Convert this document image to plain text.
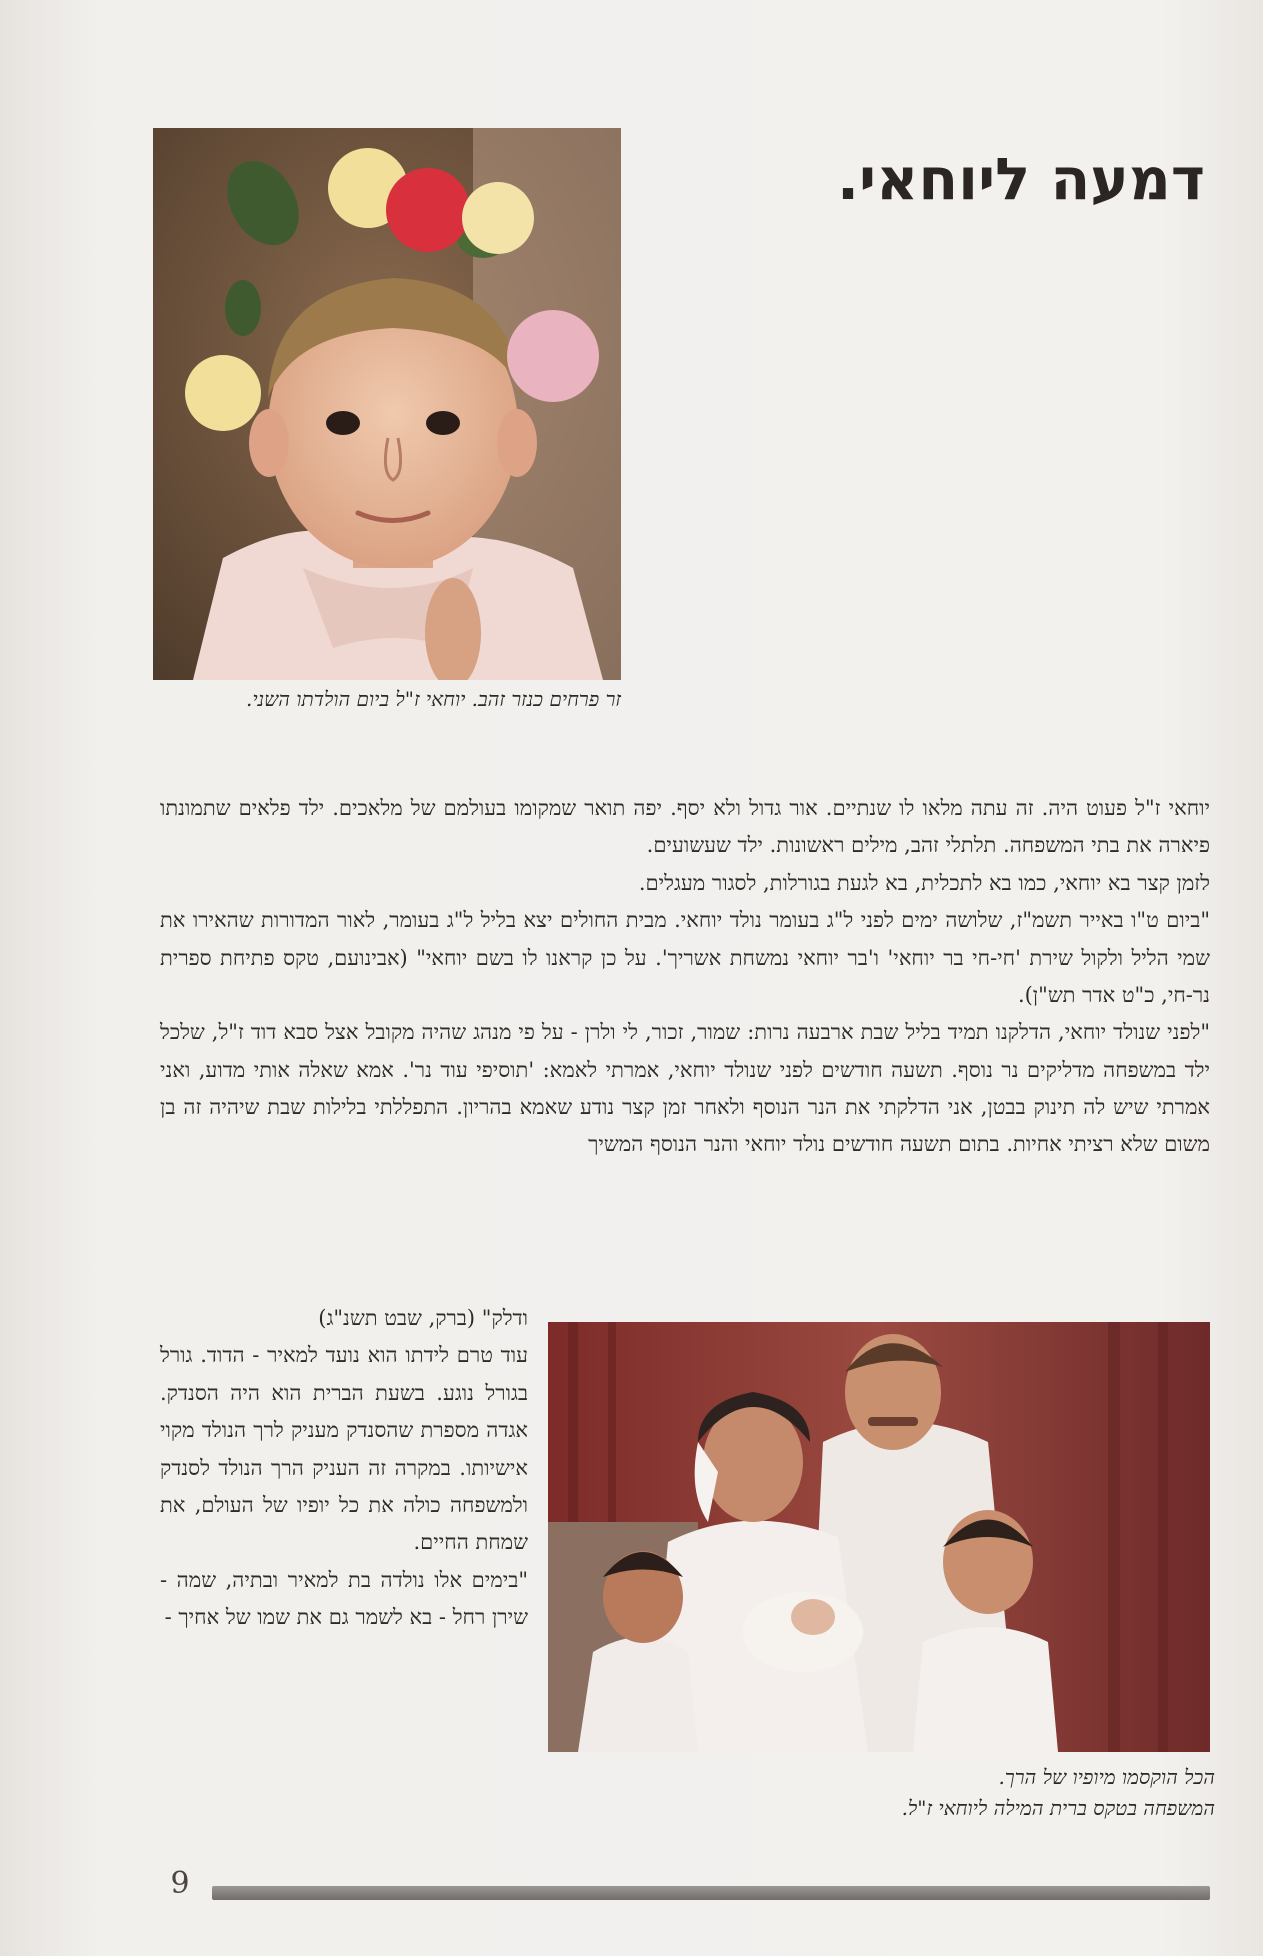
דמעה ליוחאי.
זר פרחים כנזר זהב. יוחאי ז"ל ביום הולדתו השני.

יוחאי ז"ל פעוט היה. זה עתה מלאו לו שנתיים. אור גדול ולא יסף. יפה תואר שמקומו בעולמם של מלאכים. ילד פלאים שתמונתו פיארה את בתי המשפחה. תלתלי זהב, מילים ראשונות. ילד שעשועים.

לזמן קצר בא יוחאי, כמו בא לתכלית, בא לגעת בגורלות, לסגור מעגלים.

"ביום ט"ו באייר תשמ"ז, שלושה ימים לפני ל"ג בעומר נולד יוחאי. מבית החולים יצא בליל ל"ג בעומר, לאור המדורות שהאירו את שמי הליל ולקול שירת 'חי-חי בר יוחאי' ו'בר יוחאי נמשחת אשריך'. על כן קראנו לו בשם יוחאי" (אבינועם, טקס פתיחת ספרית נר-חי, כ"ט אדר תש"ן).

"לפני שנולד יוחאי, הדלקנו תמיד בליל שבת ארבעה נרות: שמור, זכור, לי ולרן - על פי מנהג שהיה מקובל אצל סבא דוד ז"ל, שלכל ילד במשפחה מדליקים נר נוסף. תשעה חודשים לפני שנולד יוחאי, אמרתי לאמא: 'תוסיפי עוד נר'. אמא שאלה אותי מדוע, ואני אמרתי שיש לה תינוק בבטן, אני הדלקתי את הנר הנוסף ולאחר זמן קצר נודע שאמא בהריון. התפללתי בלילות שבת שיהיה זה בן משום שלא רציתי אחיות. בתום תשעה חודשים נולד יוחאי והנר הנוסף המשיך

ודלק" (ברק, שבט תשנ"ג)

עוד טרם לידתו הוא נועד למאיר - הדוד. גורל בגורל נוגע. בשעת הברית הוא היה הסנדק. אגדה מספרת שהסנדק מעניק לרך הנולד מקוי אישיותו. במקרה זה העניק הרך הנולד לסנדק ולמשפחה כולה את כל יופיו של העולם, את שמחת החיים.

"בימים אלו נולדה בת למאיר ובתיה, שמה - שירן רחל - בא לשמר גם את שמו של אחיך -

הכל הוקסמו מיופיו של הרך.
המשפחה בטקס ברית המילה ליוחאי ז"ל.
9
